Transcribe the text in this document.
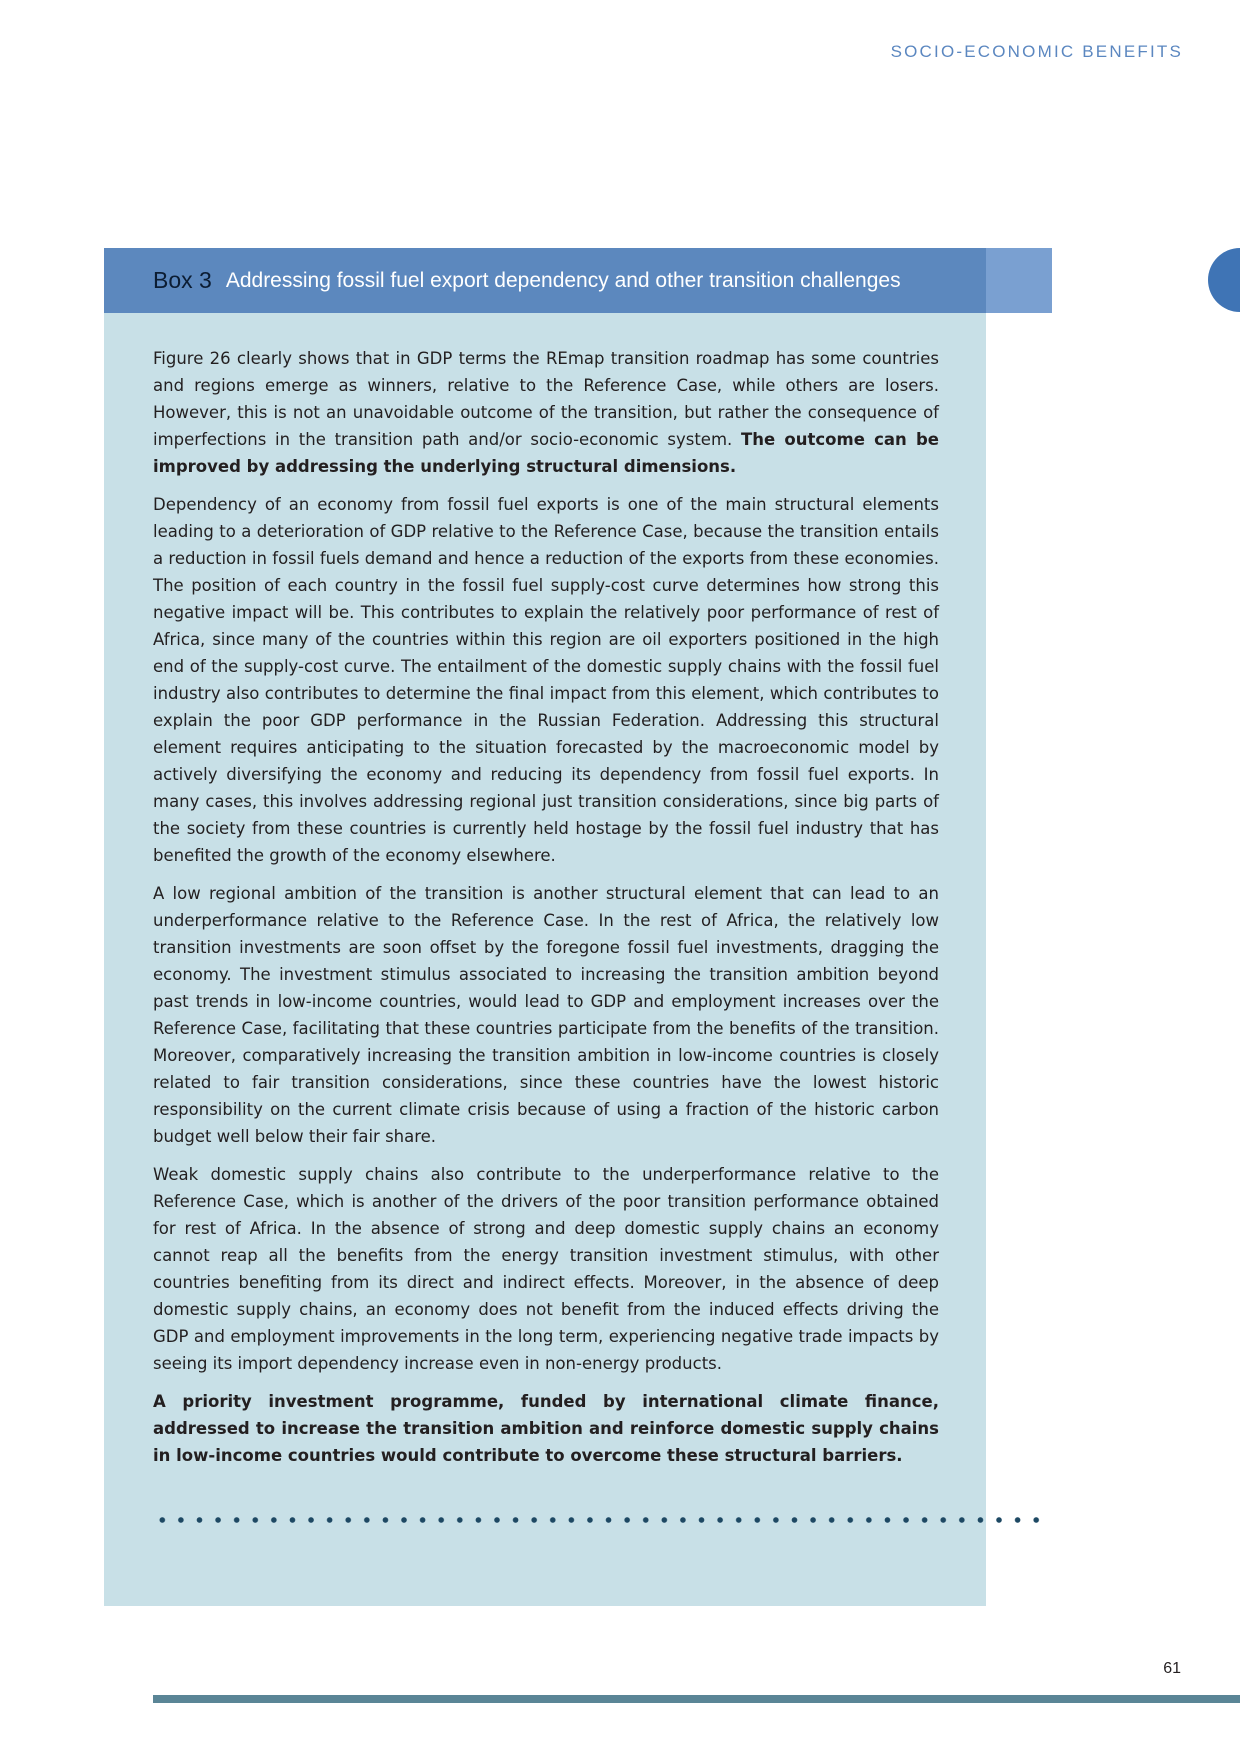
SOCIO-ECONOMIC BENEFITS
Box 3 Addressing fossil fuel export dependency and other transition challenges

Figure 26 clearly shows that in GDP terms the REmap transition roadmap has some countries and regions emerge as winners, relative to the Reference Case, while others are losers. However, this is not an unavoidable outcome of the transition, but rather the consequence of imperfections in the transition path and/or socio-economic system. The outcome can be improved by addressing the underlying structural dimensions.

Dependency of an economy from fossil fuel exports is one of the main structural elements leading to a deterioration of GDP relative to the Reference Case, because the transition entails a reduction in fossil fuels demand and hence a reduction of the exports from these economies. The position of each country in the fossil fuel supply-cost curve determines how strong this negative impact will be. This contributes to explain the relatively poor performance of rest of Africa, since many of the countries within this region are oil exporters positioned in the high end of the supply-cost curve. The entailment of the domestic supply chains with the fossil fuel industry also contributes to determine the final impact from this element, which contributes to explain the poor GDP performance in the Russian Federation. Addressing this structural element requires anticipating to the situation forecasted by the macroeconomic model by actively diversifying the economy and reducing its dependency from fossil fuel exports. In many cases, this involves addressing regional just transition considerations, since big parts of the society from these countries is currently held hostage by the fossil fuel industry that has benefited the growth of the economy elsewhere.

A low regional ambition of the transition is another structural element that can lead to an underperformance relative to the Reference Case. In the rest of Africa, the relatively low transition investments are soon offset by the foregone fossil fuel investments, dragging the economy. The investment stimulus associated to increasing the transition ambition beyond past trends in low-income countries, would lead to GDP and employment increases over the Reference Case, facilitating that these countries participate from the benefits of the transition. Moreover, comparatively increasing the transition ambition in low-income countries is closely related to fair transition considerations, since these countries have the lowest historic responsibility on the current climate crisis because of using a fraction of the historic carbon budget well below their fair share.

Weak domestic supply chains also contribute to the underperformance relative to the Reference Case, which is another of the drivers of the poor transition performance obtained for rest of Africa. In the absence of strong and deep domestic supply chains an economy cannot reap all the benefits from the energy transition investment stimulus, with other countries benefiting from its direct and indirect effects. Moreover, in the absence of deep domestic supply chains, an economy does not benefit from the induced effects driving the GDP and employment improvements in the long term, experiencing negative trade impacts by seeing its import dependency increase even in non-energy products.

A priority investment programme, funded by international climate finance, addressed to increase the transition ambition and reinforce domestic supply chains in low-income countries would contribute to overcome these structural barriers.

61
